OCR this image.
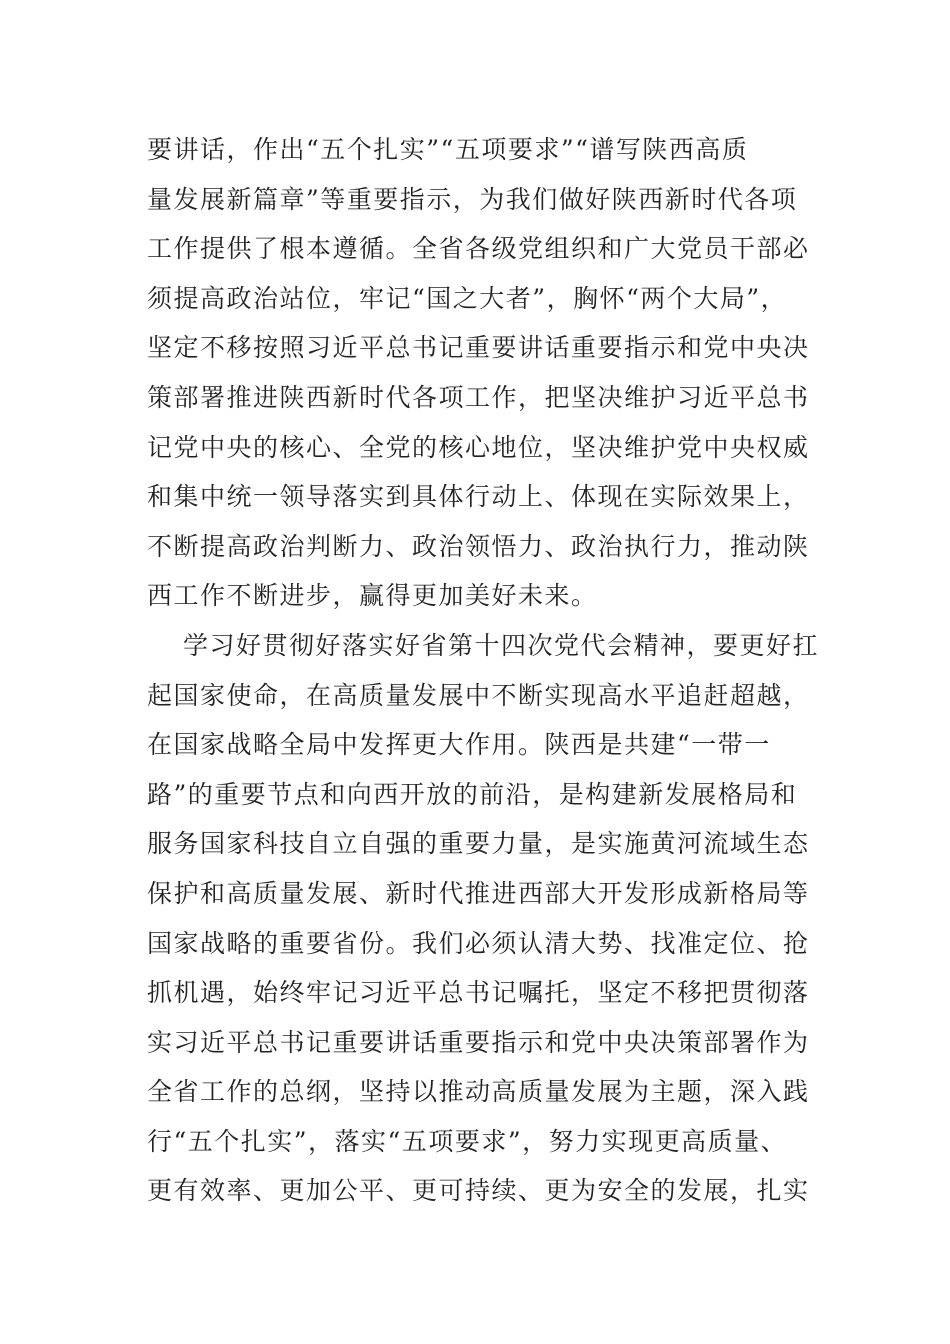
要讲话，作出“五个扎实”“五项要求”“谱写陕西高质
量发展新篇章”等重要指示，为我们做好陕西新时代各项
工作提供了根本遵循。全省各级党组织和广大党员干部必
须提高政治站位，牢记“国之大者”，胸怀“两个大局”，
坚定不移按照习近平总书记重要讲话重要指示和党中央决
策部署推进陕西新时代各项工作，把坚决维护习近平总书
记党中央的核心、全党的核心地位，坚决维护党中央权威
和集中统一领导落实到具体行动上、体现在实际效果上，
不断提高政治判断力、政治领悟力、政治执行力，推动陕
西工作不断进步，赢得更加美好未来。
学习好贯彻好落实好省第十四次党代会精神，要更好扛
起国家使命，在高质量发展中不断实现高水平追赶超越，
在国家战略全局中发挥更大作用。陕西是共建“一带一
路”的重要节点和向西开放的前沿，是构建新发展格局和
服务国家科技自立自强的重要力量，是实施黄河流域生态
保护和高质量发展、新时代推进西部大开发形成新格局等
国家战略的重要省份。我们必须认清大势、找准定位、抢
抓机遇，始终牢记习近平总书记嘱托，坚定不移把贯彻落
实习近平总书记重要讲话重要指示和党中央决策部署作为
全省工作的总纲，坚持以推动高质量发展为主题，深入践
行“五个扎实”，落实“五项要求”，努力实现更高质量、
更有效率、更加公平、更可持续、更为安全的发展，扎实
